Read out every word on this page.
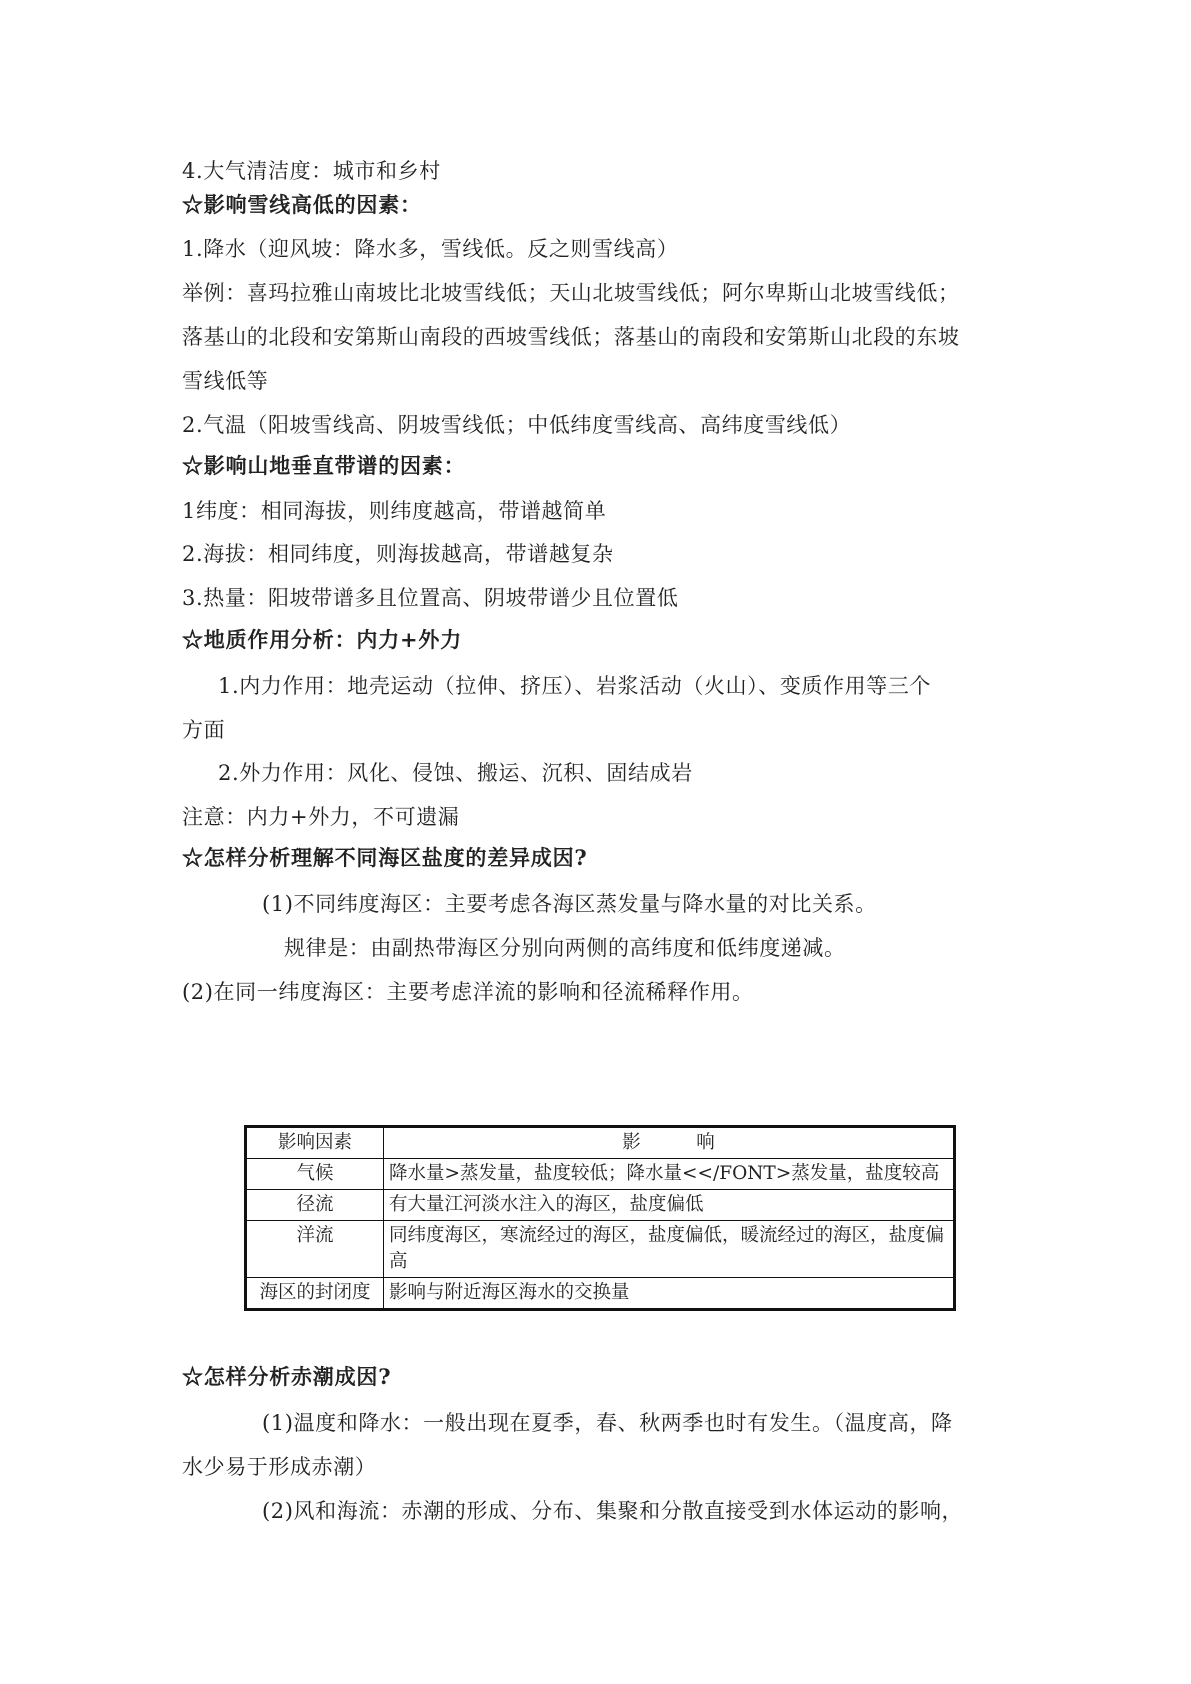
4.大气清洁度：城市和乡村
☆影响雪线高低的因素：
1.降水（迎风坡：降水多，雪线低。反之则雪线高）
举例：喜玛拉雅山南坡比北坡雪线低；天山北坡雪线低；阿尔卑斯山北坡雪线低；
落基山的北段和安第斯山南段的西坡雪线低；落基山的南段和安第斯山北段的东坡
雪线低等
2.气温（阳坡雪线高、阴坡雪线低；中低纬度雪线高、高纬度雪线低）
☆影响山地垂直带谱的因素：
1纬度：相同海拔，则纬度越高，带谱越简单
2.海拔：相同纬度，则海拔越高，带谱越复杂
3.热量：阳坡带谱多且位置高、阴坡带谱少且位置低
☆地质作用分析：内力+外力
1.内力作用：地壳运动（拉伸、挤压）、岩浆活动（火山）、变质作用等三个
方面
2.外力作用：风化、侵蚀、搬运、沉积、固结成岩
注意：内力+外力，不可遗漏
☆怎样分析理解不同海区盐度的差异成因?
(1)不同纬度海区：主要考虑各海区蒸发量与降水量的对比关系。
规律是：由副热带海区分别向两侧的高纬度和低纬度递减。
(2)在同一纬度海区：主要考虑洋流的影响和径流稀释作用。
影响因素	影　　　响
气候	降水量>蒸发量，盐度较低；降水量<</FONT>蒸发量，盐度较高
径流	有大量江河淡水注入的海区，盐度偏低
洋流	同纬度海区，寒流经过的海区，盐度偏低，暖流经过的海区，盐度偏高
海区的封闭度	影响与附近海区海水的交换量
☆怎样分析赤潮成因?
(1)温度和降水：一般出现在夏季，春、秋两季也时有发生。（温度高，降
水少易于形成赤潮）
(2)风和海流：赤潮的形成、分布、集聚和分散直接受到水体运动的影响，
